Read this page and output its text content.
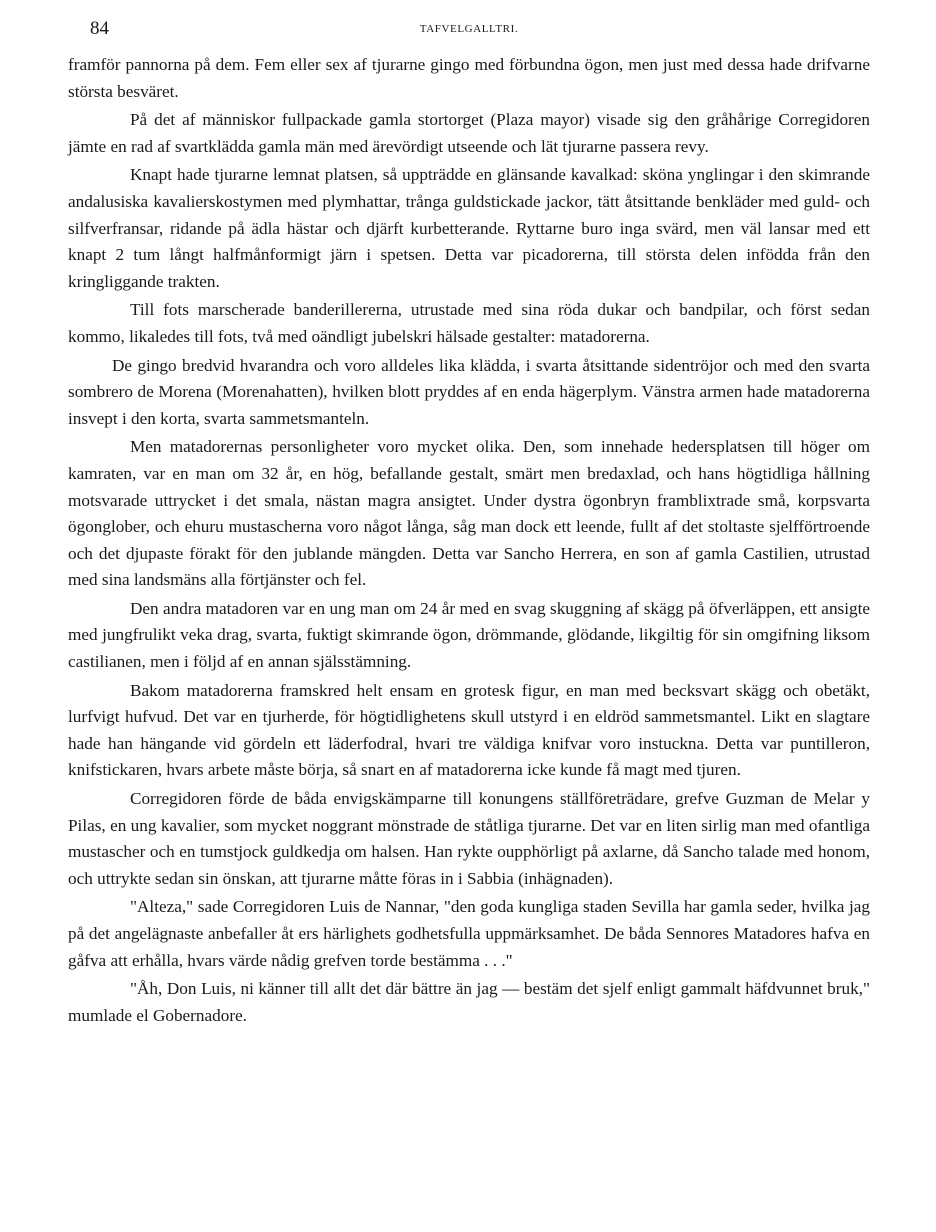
84	TAFVELGALLTRI.

framför pannorna på dem. Fem eller sex af tjurarne gingo med förbundna ögon, men just med dessa hade drifvarne största besväret.

På det af människor fullpackade gamla stortorget (Plaza mayor) visade sig den gråhårige Corregidoren jämte en rad af svartklädda gamla män med ärevördigt utseende och lät tjurarne passera revy.

Knapt hade tjurarne lemnat platsen, så uppträdde en glänsande kavalkad: sköna ynglingar i den skimrande andalusiska kavalierskostymen med plymhattar, trånga guldstickade jackor, tätt åtsittande benkläder med guld- och silfverfransar, ridande på ädla hästar och djärft kurbetterande. Ryttarne buro inga svärd, men väl lansar med ett knapt 2 tum långt halfmånformigt järn i spetsen. Detta var picadorerna, till största delen infödda från den kringliggande trakten.

Till fots marscherade banderillererna, utrustade med sina röda dukar och bandpilar, och först sedan kommo, likaledes till fots, två med oändligt jubelskri hälsade gestalter: matadorerna.

De gingo bredvid hvarandra och voro alldeles lika klädda, i svarta åtsittande sidentröjor och med den svarta sombrero de Morena (Morenahatten), hvilken blott pryddes af en enda hägerplym. Vänstra armen hade matadorerna insvept i den korta, svarta sammetsmanteln.

Men matadorernas personligheter voro mycket olika. Den, som innehade hedersplatsen till höger om kamraten, var en man om 32 år, en hög, befallande gestalt, smärt men bredaxlad, och hans högtidliga hållning motsvarade uttrycket i det smala, nästan magra ansigtet. Under dystra ögonbryn framblixtrade små, korpsvarta ögonglober, och ehuru mustascherna voro något långa, såg man dock ett leende, fullt af det stoltaste sjelfförtroende och det djupaste förakt för den jublande mängden. Detta var Sancho Herrera, en son af gamla Castilien, utrustad med sina landsmäns alla förtjänster och fel.

Den andra matadoren var en ung man om 24 år med en svag skuggning af skägg på öfverläppen, ett ansigte med jungfrulikt veka drag, svarta, fuktigt skimrande ögon, drömmande, glödande, likgiltig för sin omgifning liksom castilianen, men i följd af en annan själsstämning.

Bakom matadorerna framskred helt ensam en grotesk figur, en man med becksvart skägg och obetäkt, lurfvigt hufvud. Det var en tjurherde, för högtidlighetens skull utstyrd i en eldröd sammetsmantel. Likt en slagtare hade han hängande vid gördeln ett läderfodral, hvari tre väldiga knifvar voro instuckna. Detta var puntilleron, knifstickaren, hvars arbete måste börja, så snart en af matadorerna icke kunde få magt med tjuren.

Corregidoren förde de båda envigskämparne till konungens ställföreträdare, grefve Guzman de Melar y Pilas, en ung kavalier, som mycket noggrant mönstrade de ståtliga tjurarne. Det var en liten sirlig man med ofantliga mustascher och en tumstjock guldkedja om halsen. Han rykte oupphörligt på axlarne, då Sancho talade med honom, och uttrykte sedan sin önskan, att tjurarne måtte föras in i Sabbia (inhägnaden).

"Alteza," sade Corregidoren Luis de Nannar, "den goda kungliga staden Sevilla har gamla seder, hvilka jag på det angelägnaste anbefaller åt ers härlighets godhetsfulla uppmärksamhet. De båda Sennores Matadores hafva en gåfva att erhålla, hvars värde nådig grefven torde bestämma . . ."

"Åh, Don Luis, ni känner till allt det där bättre än jag — bestäm det sjelf enligt gammalt häfdvunnet bruk," mumlade el Gobernadore.
